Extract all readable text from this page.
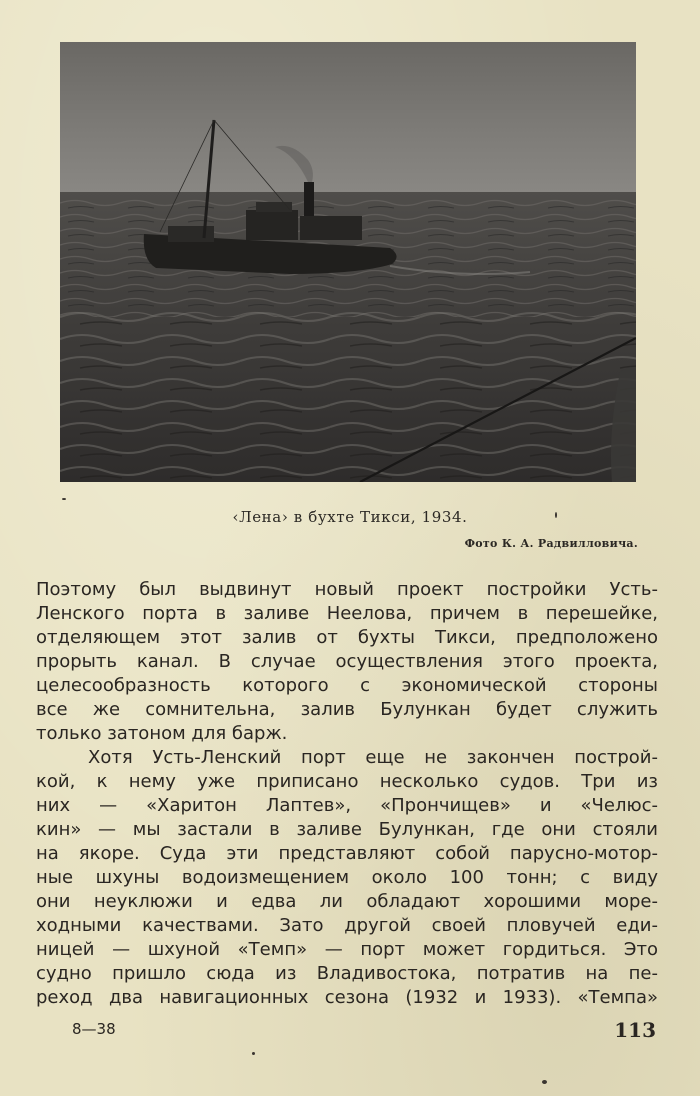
‹Лена› в бухте Тикси, 1934.
Фото К. А. Радвилловича.
Поэтому был выдвинут новый проект постройки Усть-
Ленского порта в заливе Неелова, причем в перешейке,
отделяющем этот залив от бухты Тикси, предположено
прорыть канал. В случае осуществления этого проекта,
целесообразность которого с экономической стороны
все же сомнительна, залив Булункан будет служить
только затоном для барж.
Хотя Усть-Ленский порт еще не закончен построй-
кой, к нему уже приписано несколько судов. Три из
них — «Харитон Лаптев», «Прончищев» и «Челюс-
кин» — мы застали в заливе Булункан, где они стояли
на якоре. Суда эти представляют собой парусно-мотор-
ные шхуны водоизмещением около 100 тонн; с виду
они неуклюжи и едва ли обладают хорошими море-
ходными качествами. Зато другой своей пловучей еди-
ницей — шхуной «Темп» — порт может гордиться. Это
судно пришло сюда из Владивостока, потратив на пе-
реход два навигационных сезона (1932 и 1933). «Темпа»
8—38	113
